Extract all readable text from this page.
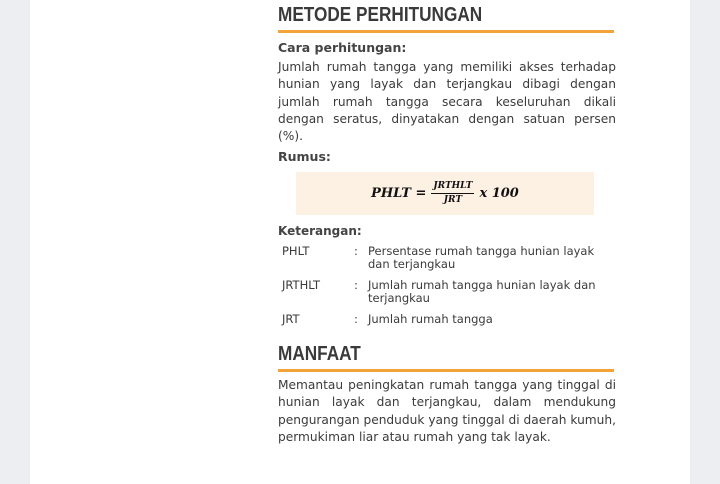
METODE PERHITUNGAN

Cara perhitungan:

Jumlah rumah tangga yang memiliki akses terhadap hunian yang layak dan terjangkau dibagi dengan jumlah rumah tangga secara keseluruhan dikali dengan seratus, dinyatakan dengan satuan persen (%).

Rumus:

PHLT = $\frac{\text{JRTHLT}}{\text{JRT}}$ x 100

Keterangan:

PHLT	: Persentase rumah tangga hunian layak dan terjangkau
JRTHLT	: Jumlah rumah tangga hunian layak dan terjangkau
JRT	: Jumlah rumah tangga
MANFAAT

Memantau peningkatan rumah tangga yang tinggal di hunian layak dan terjangkau, dalam mendukung pengurangan penduduk yang tinggal di daerah kumuh, permukiman liar atau rumah yang tak layak.
